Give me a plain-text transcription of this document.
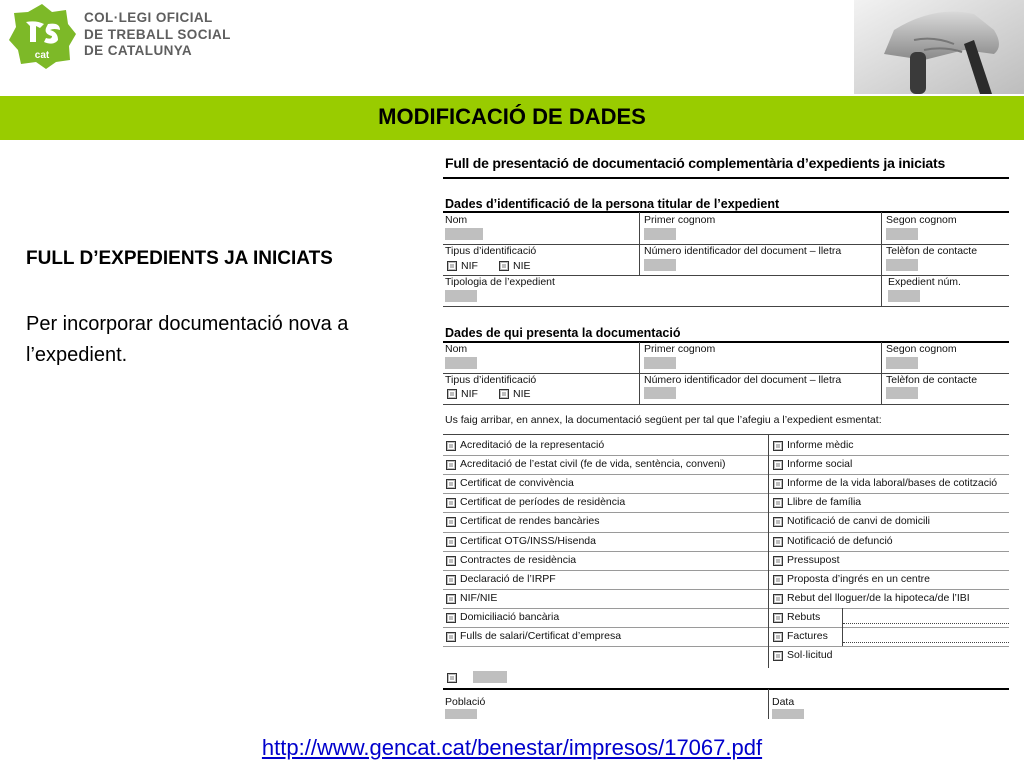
cat
COL·LEGI OFICIAL
DE TREBALL SOCIAL
DE CATALUNYA
MODIFICACIÓ DE DADES
FULL D’EXPEDIENTS JA INICIATS
Per incorporar documentació nova a l’expedient.
Full de presentació de documentació complementària d’expedients ja iniciats
Dades d’identificació de la persona titular de l’expedient
Nom	Primer cognom	Segon cognom
Tipus d’identificació	Número identificador del document – lletra	Telèfon de contacte
NIF	NIE
Tipologia de l’expedient	Expedient núm.
Dades de qui presenta la documentació
Nom	Primer cognom	Segon cognom
Tipus d’identificació	Número identificador del document – lletra	Telèfon de contacte
NIF	NIE
Us faig arribar, en annex, la documentació següent per tal que l’afegiu a l’expedient esmentat:
Acreditació de la representació	Informe mèdic
Acreditació de l’estat civil (fe de vida, sentència, conveni)	Informe social
Certificat de convivència	Informe de la vida laboral/bases de cotització
Certificat de períodes de residència	Llibre de família
Certificat de rendes bancàries	Notificació de canvi de domicili
Certificat OTG/INSS/Hisenda	Notificació de defunció
Contractes de residència	Pressupost
Declaració de l’IRPF	Proposta d’ingrés en un centre
NIF/NIE	Rebut del lloguer/de la hipoteca/de l’IBI
Domiciliació bancària	Rebuts
Fulls de salari/Certificat d’empresa	Factures
Sol·licitud
Població	Data
http://www.gencat.cat/benestar/impresos/17067.pdf
